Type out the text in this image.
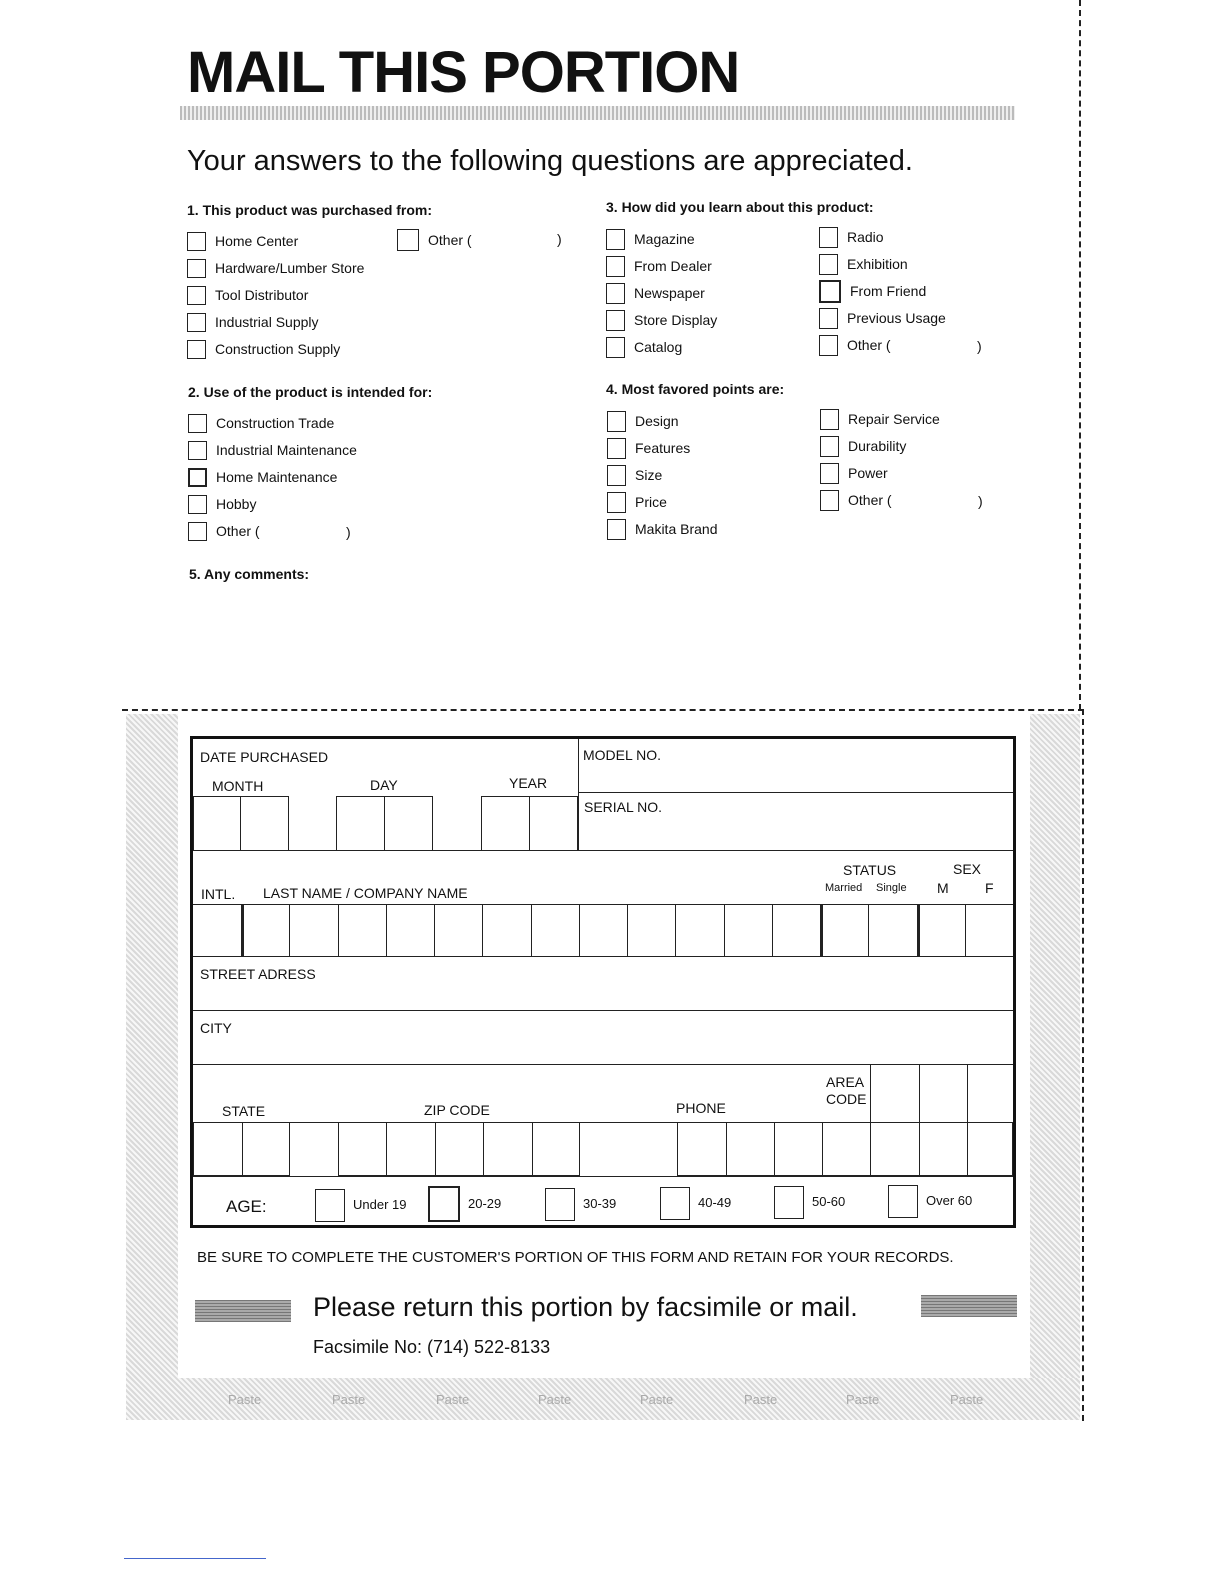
MAIL THIS PORTION
Your answers to the following questions are appreciated.
1. This product was purchased from:
Home Center
Hardware/Lumber Store
Tool Distributor
Industrial Supply
Construction Supply
Other (	)
2. Use of the product is intended for:
Construction Trade
Industrial Maintenance
Home Maintenance
Hobby
Other (	)
3. How did you learn about this product:
Magazine
From Dealer
Newspaper
Store Display
Catalog
Radio
Exhibition
From Friend
Previous Usage
Other (	)
4. Most favored points are:
Design
Features
Size
Price
Makita Brand
Repair Service
Durability
Power
Other (	)
5. Any comments:
Paste	Paste	Paste	Paste	Paste	Paste	Paste	Paste
DATE PURCHASED
MONTH	DAY	YEAR
MODEL NO.
SERIAL NO.
STATUS	SEX
Married Single M	F
INTL. LAST NAME / COMPANY NAME
STREET ADRESS
CITY
AREA
CODE
STATE	ZIP CODE	PHONE
AGE:	Under 19	20-29	30-39	40-49	50-60	Over 60
BE SURE TO COMPLETE THE CUSTOMER'S PORTION OF THIS FORM AND RETAIN FOR YOUR RECORDS.
Please return this portion by facsimile or mail.
Facsimile No: (714) 522-8133
